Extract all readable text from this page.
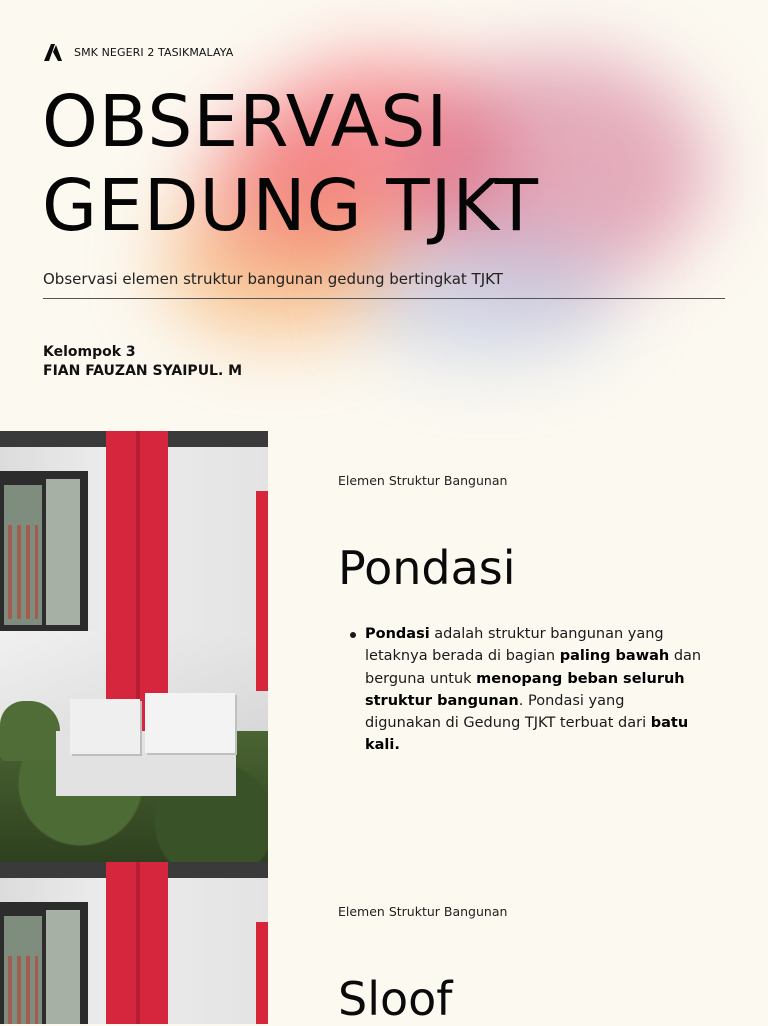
SMK NEGERI 2 TASIKMALAYA
OBSERVASI
GEDUNG TJKT
Observasi elemen struktur bangunan gedung bertingkat TJKT
Kelompok 3
FIAN FAUZAN SYAIPUL. M
Elemen Struktur Bangunan
Pondasi

Pondasi adalah struktur bangunan yang letaknya berada di bagian paling bawah dan berguna untuk menopang beban seluruh struktur bangunan. Pondasi yang digunakan di Gedung TJKT terbuat dari batu kali.

Elemen Struktur Bangunan
Sloof
